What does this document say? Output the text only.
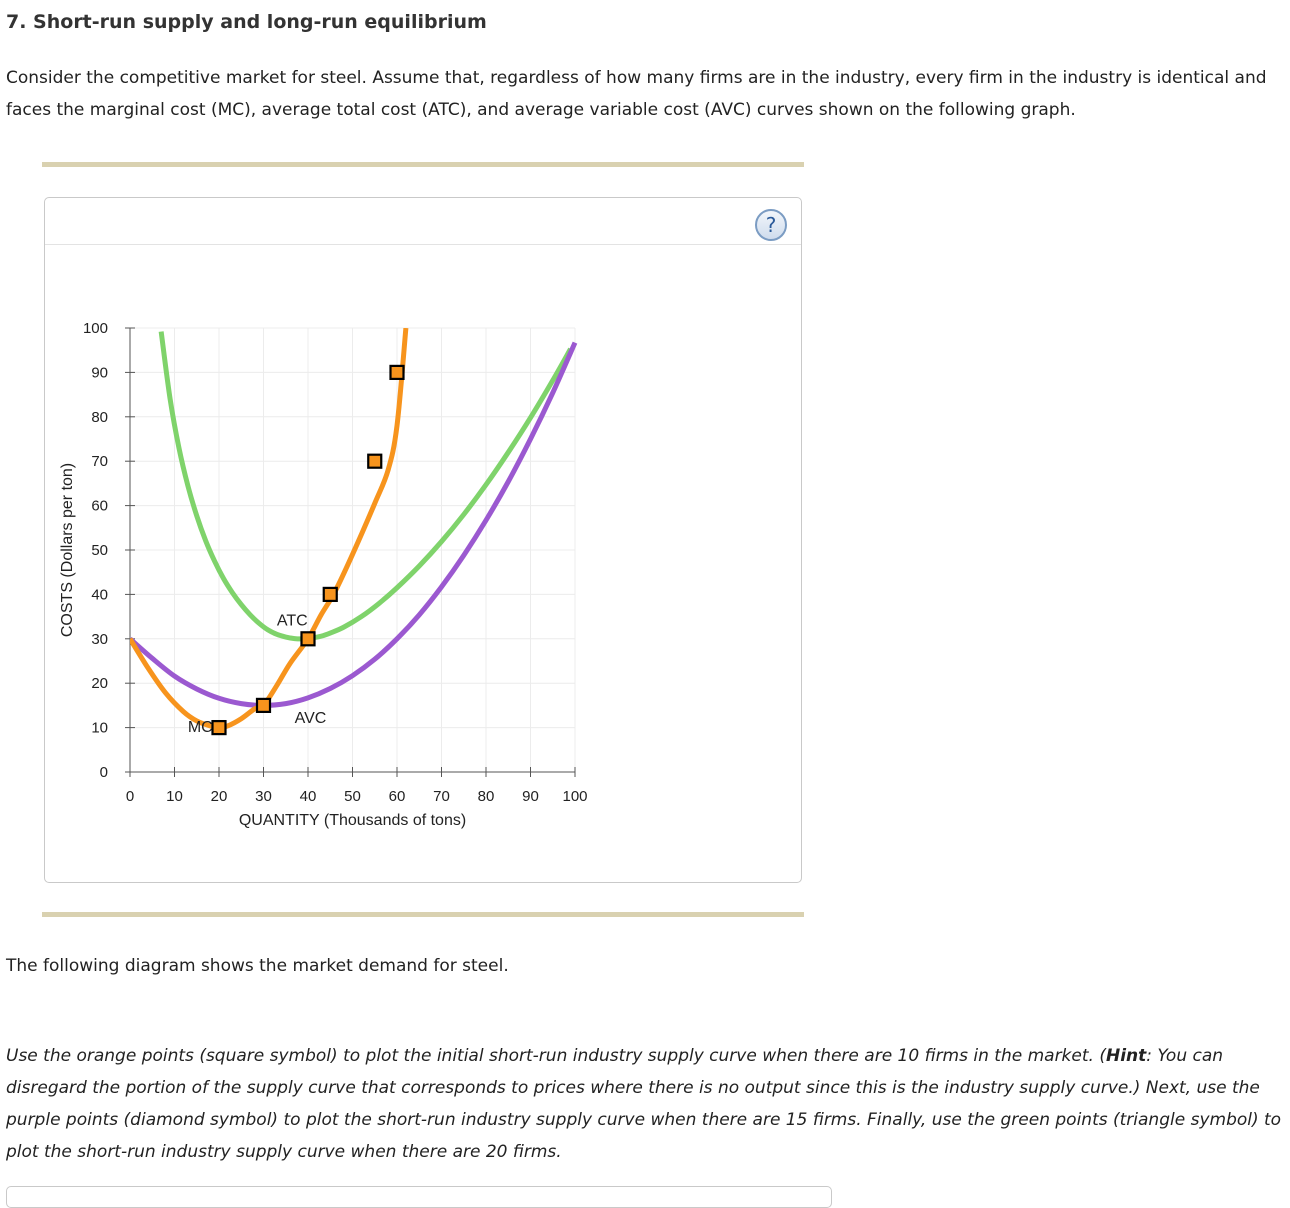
7. Short-run supply and long-run equilibrium
Consider the competitive market for steel. Assume that, regardless of how many firms are in the industry, every firm in the industry is identical and faces the marginal cost (MC), average total cost (ATC), and average variable cost (AVC) curves shown on the following graph.
?
0 10 20 30 40 50 60 70 80 90 100
0
10
20
30
40
50
60
70
80
90
100
QUANTITY (Thousands of tons)
COSTS (Dollars per ton)	ATC
AVC
MC
The following diagram shows the market demand for steel.
Use the orange points (square symbol) to plot the initial short-run industry supply curve when there are 10 firms in the market. (Hint: You can disregard the portion of the supply curve that corresponds to prices where there is no output since this is the industry supply curve.) Next, use the purple points (diamond symbol) to plot the short-run industry supply curve when there are 15 firms. Finally, use the green points (triangle symbol) to plot the short-run industry supply curve when there are 20 firms.
